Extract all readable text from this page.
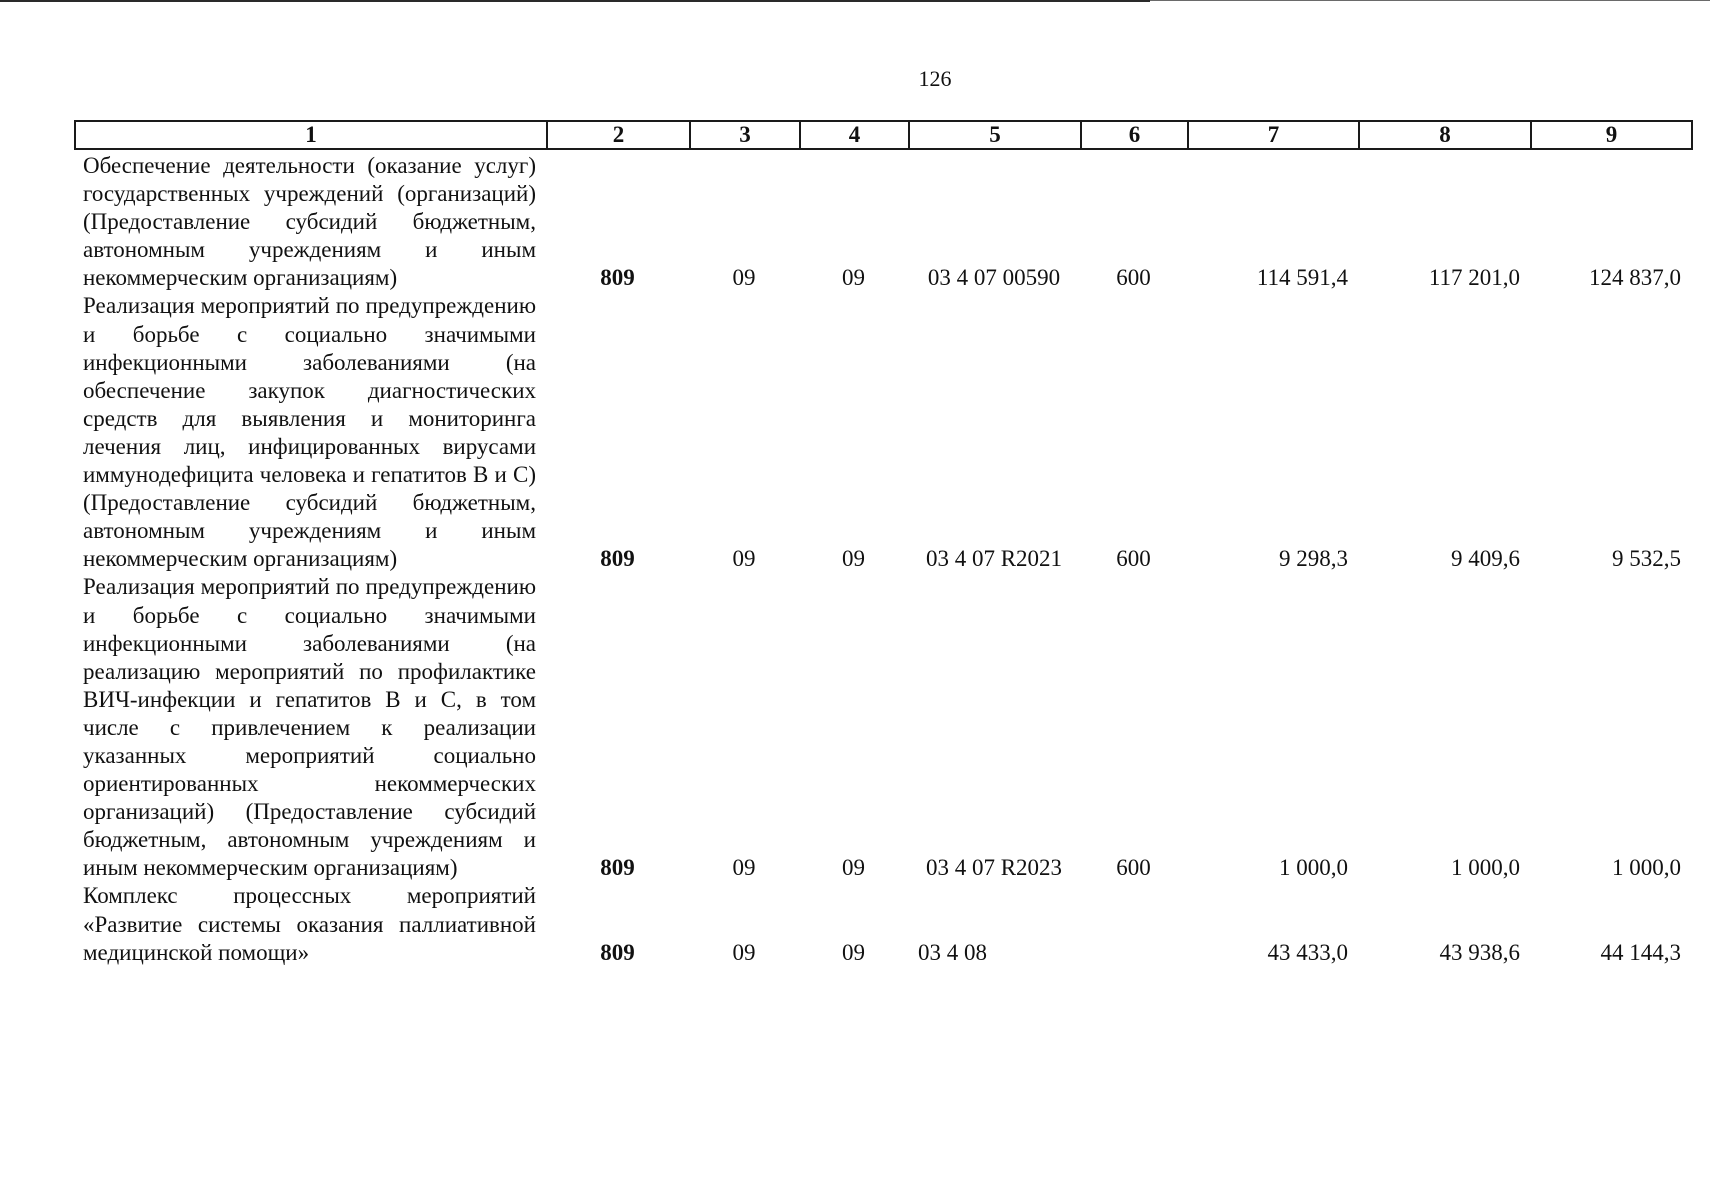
126
1	2	3	4	5	6	7	8	9
Обеспечение деятельности (оказание услуг) государственных учреждений (организаций) (Предоставление субсидий бюджетным, автономным учреждениям и иным некоммерческим организациям)	809	09	09	03 4 07 00590	600	114 591,4	117 201,0	124 837,0
Реализация мероприятий по предупреждению и борьбе с социально значимыми инфекционными заболеваниями (на обеспечение закупок диагностических средств для выявления и мониторинга лечения лиц, инфицированных вирусами иммунодефицита человека и гепатитов B и C) (Предоставление субсидий бюджетным, автономным учреждениям и иным некоммерческим организациям)	809	09	09	03 4 07 R2021	600	9 298,3	9 409,6	9 532,5
Реализация мероприятий по предупреждению и борьбе с социально значимыми инфекционными заболеваниями (на реализацию мероприятий по профилактике ВИЧ-инфекции и гепатитов B и C, в том числе с привлечением к реализации указанных мероприятий социально ориентированных некоммерческих организаций) (Предоставление субсидий бюджетным, автономным учреждениям и иным некоммерческим организациям)	809	09	09	03 4 07 R2023	600	1 000,0	1 000,0	1 000,0
Комплекс процессных мероприятий «Развитие системы оказания паллиативной медицинской помощи»	809	09	09	03 4 08		43 433,0	43 938,6	44 144,3
